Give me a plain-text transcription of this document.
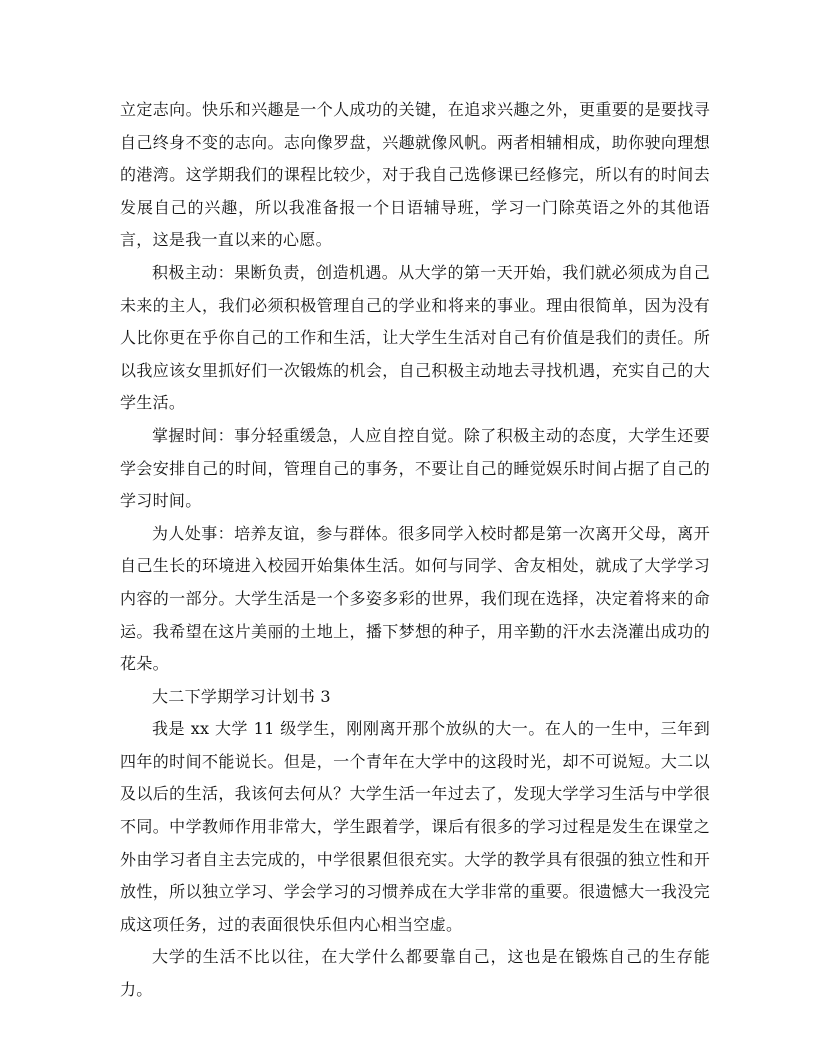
立定志向。快乐和兴趣是一个人成功的关键，在追求兴趣之外，更重要的是要找寻自己终身不变的志向。志向像罗盘，兴趣就像风帆。两者相辅相成，助你驶向理想的港湾。这学期我们的课程比较少，对于我自己选修课已经修完，所以有的时间去发展自己的兴趣，所以我准备报一个日语辅导班，学习一门除英语之外的其他语言，这是我一直以来的心愿。

积极主动：果断负责，创造机遇。从大学的第一天开始，我们就必须成为自己未来的主人，我们必须积极管理自己的学业和将来的事业。理由很简单，因为没有人比你更在乎你自己的工作和生活，让大学生生活对自己有价值是我们的责任。所以我应该女里抓好们一次锻炼的机会，自己积极主动地去寻找机遇，充实自己的大学生活。

掌握时间：事分轻重缓急，人应自控自觉。除了积极主动的态度，大学生还要学会安排自己的时间，管理自己的事务，不要让自己的睡觉娱乐时间占据了自己的学习时间。

为人处事：培养友谊，参与群体。很多同学入校时都是第一次离开父母，离开自己生长的环境进入校园开始集体生活。如何与同学、舍友相处，就成了大学学习内容的一部分。大学生活是一个多姿多彩的世界，我们现在选择，决定着将来的命运。我希望在这片美丽的土地上，播下梦想的种子，用辛勤的汗水去浇灌出成功的花朵。

大二下学期学习计划书 3

我是 xx 大学 11 级学生，刚刚离开那个放纵的大一。在人的一生中，三年到四年的时间不能说长。但是，一个青年在大学中的这段时光，却不可说短。大二以及以后的生活，我该何去何从？大学生活一年过去了，发现大学学习生活与中学很不同。中学教师作用非常大，学生跟着学，课后有很多的学习过程是发生在课堂之外由学习者自主去完成的，中学很累但很充实。大学的教学具有很强的独立性和开放性，所以独立学习、学会学习的习惯养成在大学非常的重要。很遗憾大一我没完成这项任务，过的表面很快乐但内心相当空虚。

大学的生活不比以往，在大学什么都要靠自己，这也是在锻炼自己的生存能力。
